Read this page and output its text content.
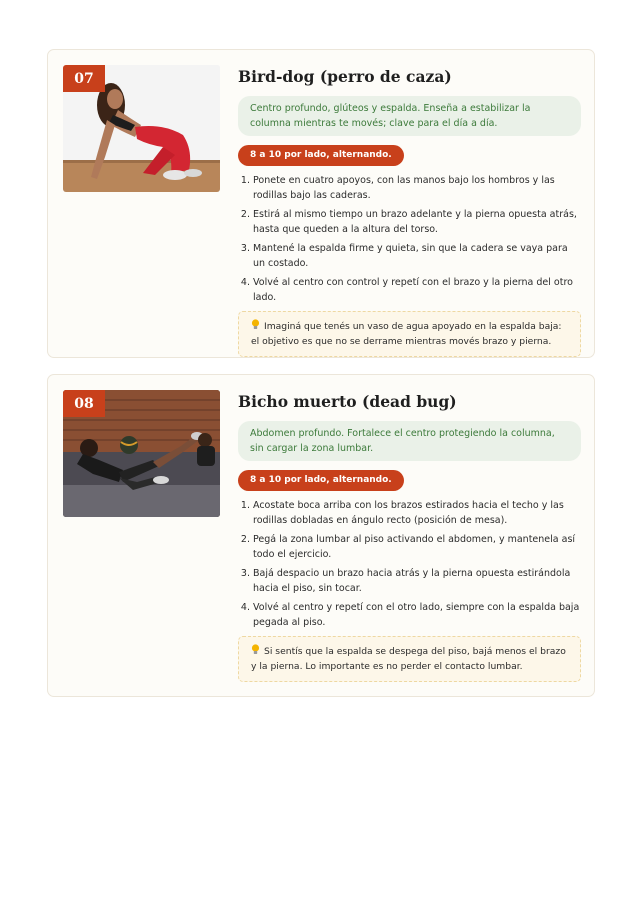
07	Bird-dog (perro de caza)
Centro profundo, glúteos y espalda. Enseña a estabilizar la columna mientras te movés; clave para el día a día.
8 a 10 por lado, alternando.
1. Ponete en cuatro apoyos, con las manos bajo los hombros y las rodillas bajo las caderas.
2. Estirá al mismo tiempo un brazo adelante y la pierna opuesta atrás, hasta que queden a la altura del torso.
3. Mantené la espalda firme y quieta, sin que la cadera se vaya para un costado.
4. Volvé al centro con control y repetí con el brazo y la pierna del otro lado.
Imaginá que tenés un vaso de agua apoyado en la espalda baja: el objetivo es que no se derrame mientras movés brazo y pierna.
08	Bicho muerto (dead bug)
Abdomen profundo. Fortalece el centro protegiendo la columna, sin cargar la zona lumbar.
8 a 10 por lado, alternando.
1. Acostate boca arriba con los brazos estirados hacia el techo y las rodillas dobladas en ángulo recto (posición de mesa).
2. Pegá la zona lumbar al piso activando el abdomen, y mantenela así todo el ejercicio.
3. Bajá despacio un brazo hacia atrás y la pierna opuesta estirándola hacia el piso, sin tocar.
4. Volvé al centro y repetí con el otro lado, siempre con la espalda baja pegada al piso.
Si sentís que la espalda se despega del piso, bajá menos el brazo y la pierna. Lo importante es no perder el contacto lumbar.
